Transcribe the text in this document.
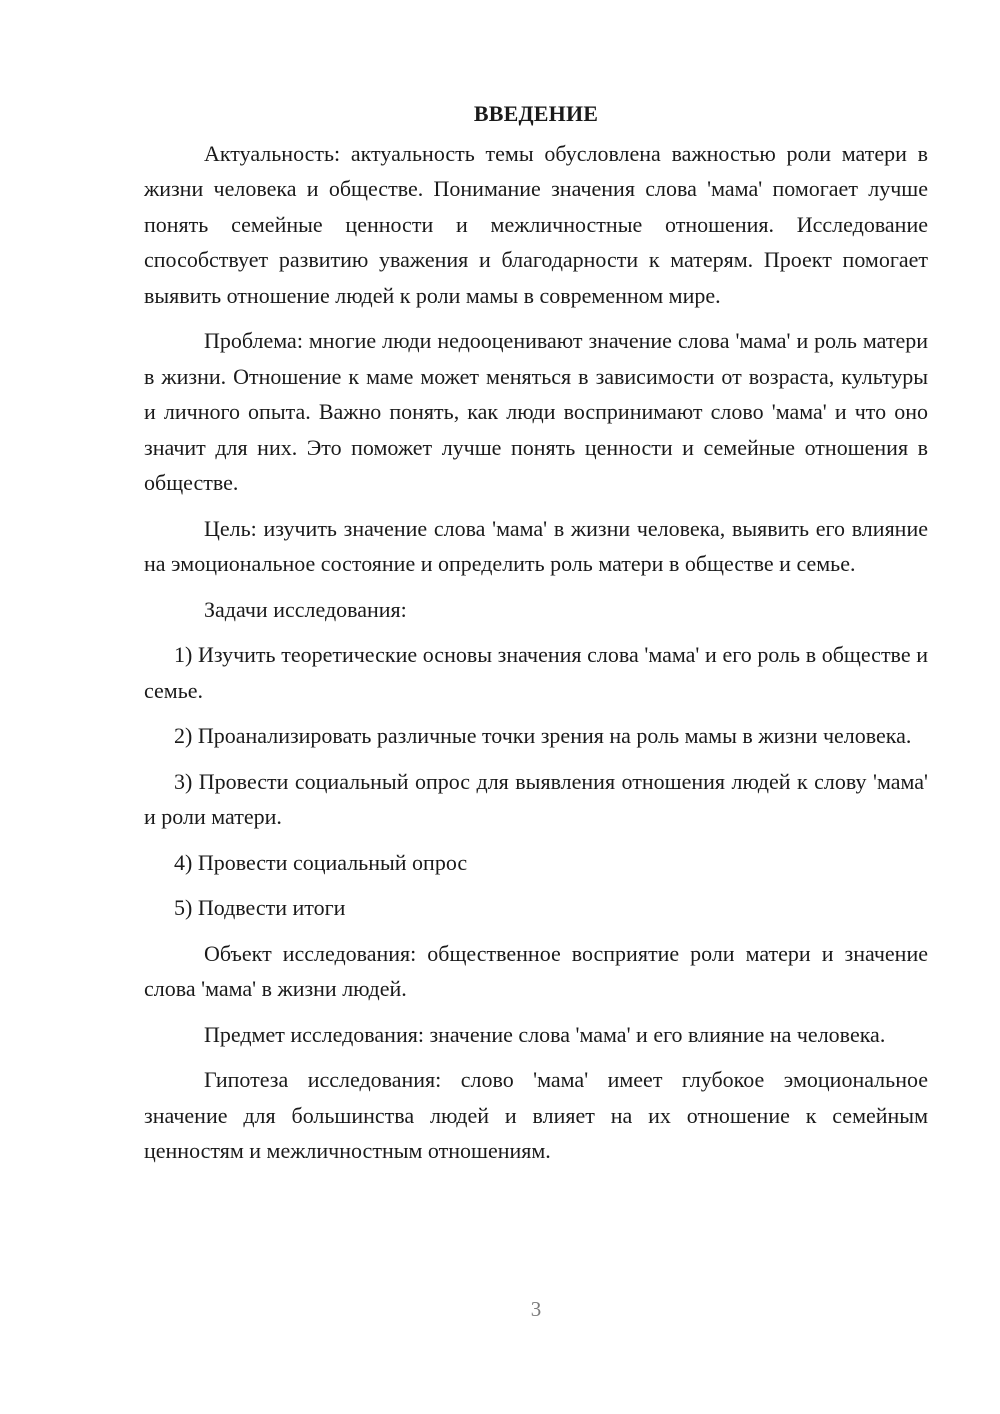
ВВЕДЕНИЕ

Актуальность: актуальность темы обусловлена важностью роли матери в жизни человека и обществе. Понимание значения слова 'мама' помогает лучше понять семейные ценности и межличностные отношения. Исследование способствует развитию уважения и благодарности к матерям. Проект помогает выявить отношение людей к роли мамы в современном мире.

Проблема: многие люди недооценивают значение слова 'мама' и роль матери в жизни. Отношение к маме может меняться в зависимости от возраста, культуры и личного опыта. Важно понять, как люди воспринимают слово 'мама' и что оно значит для них. Это поможет лучше понять ценности и семейные отношения в обществе.

Цель: изучить значение слова 'мама' в жизни человека, выявить его влияние на эмоциональное состояние и определить роль матери в обществе и семье.

Задачи исследования:

1) Изучить теоретические основы значения слова 'мама' и его роль в обществе и семье.

2) Проанализировать различные точки зрения на роль мамы в жизни человека.

3) Провести социальный опрос для выявления отношения людей к слову 'мама' и роли матери.

4) Провести социальный опрос

5) Подвести итоги

Объект исследования: общественное восприятие роли матери и значение слова 'мама' в жизни людей.

Предмет исследования: значение слова 'мама' и его влияние на человека.

Гипотеза исследования: слово 'мама' имеет глубокое эмоциональное значение для большинства людей и влияет на их отношение к семейным ценностям и межличностным отношениям.

3
